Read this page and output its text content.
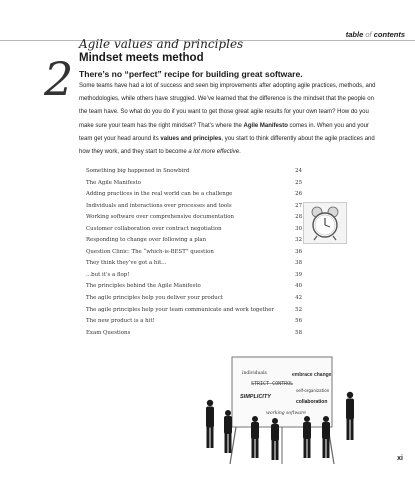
table of contents
2
Agile values and principles
Mindset meets method
There’s no “perfect” recipe for building great software.
Some teams have had a lot of success and seen big improvements after adopting agile practices, methods, and methodologies, while others have struggled. We’ve learned that the difference is the mindset that the people on the team have. So what do you do if you want to get those great agile results for your own team? How do you make sure your team has the right mindset? That’s where the Agile Manifesto comes in. When you and your team get your head around its values and principles, you start to think differently about the agile practices and how they work, and they start to become a lot more effective.
Something big happened in Snowbird	24
The Agile Manifesto	25
Adding practices in the real world can be a challenge	26
Individuals and interactions over processes and tools	27
Working software over comprehensive documentation	28
Customer collaboration over contract negotiation	30
Responding to change over following a plan	32
Question Clinic: The “which-is-BEST” question	36
They think they’ve got a hit...	38
...but it’s a flop!	39
The principles behind the Agile Manifesto	40
The agile principles help you deliver your product	42
The agile principles help your team communicate and work together	52
The new product is a hit!	56
Exam Questions	58
individuals	embrace change
STRICT CONTROL
self-organization
SIMPLICITY
collaboration
working software
xi
